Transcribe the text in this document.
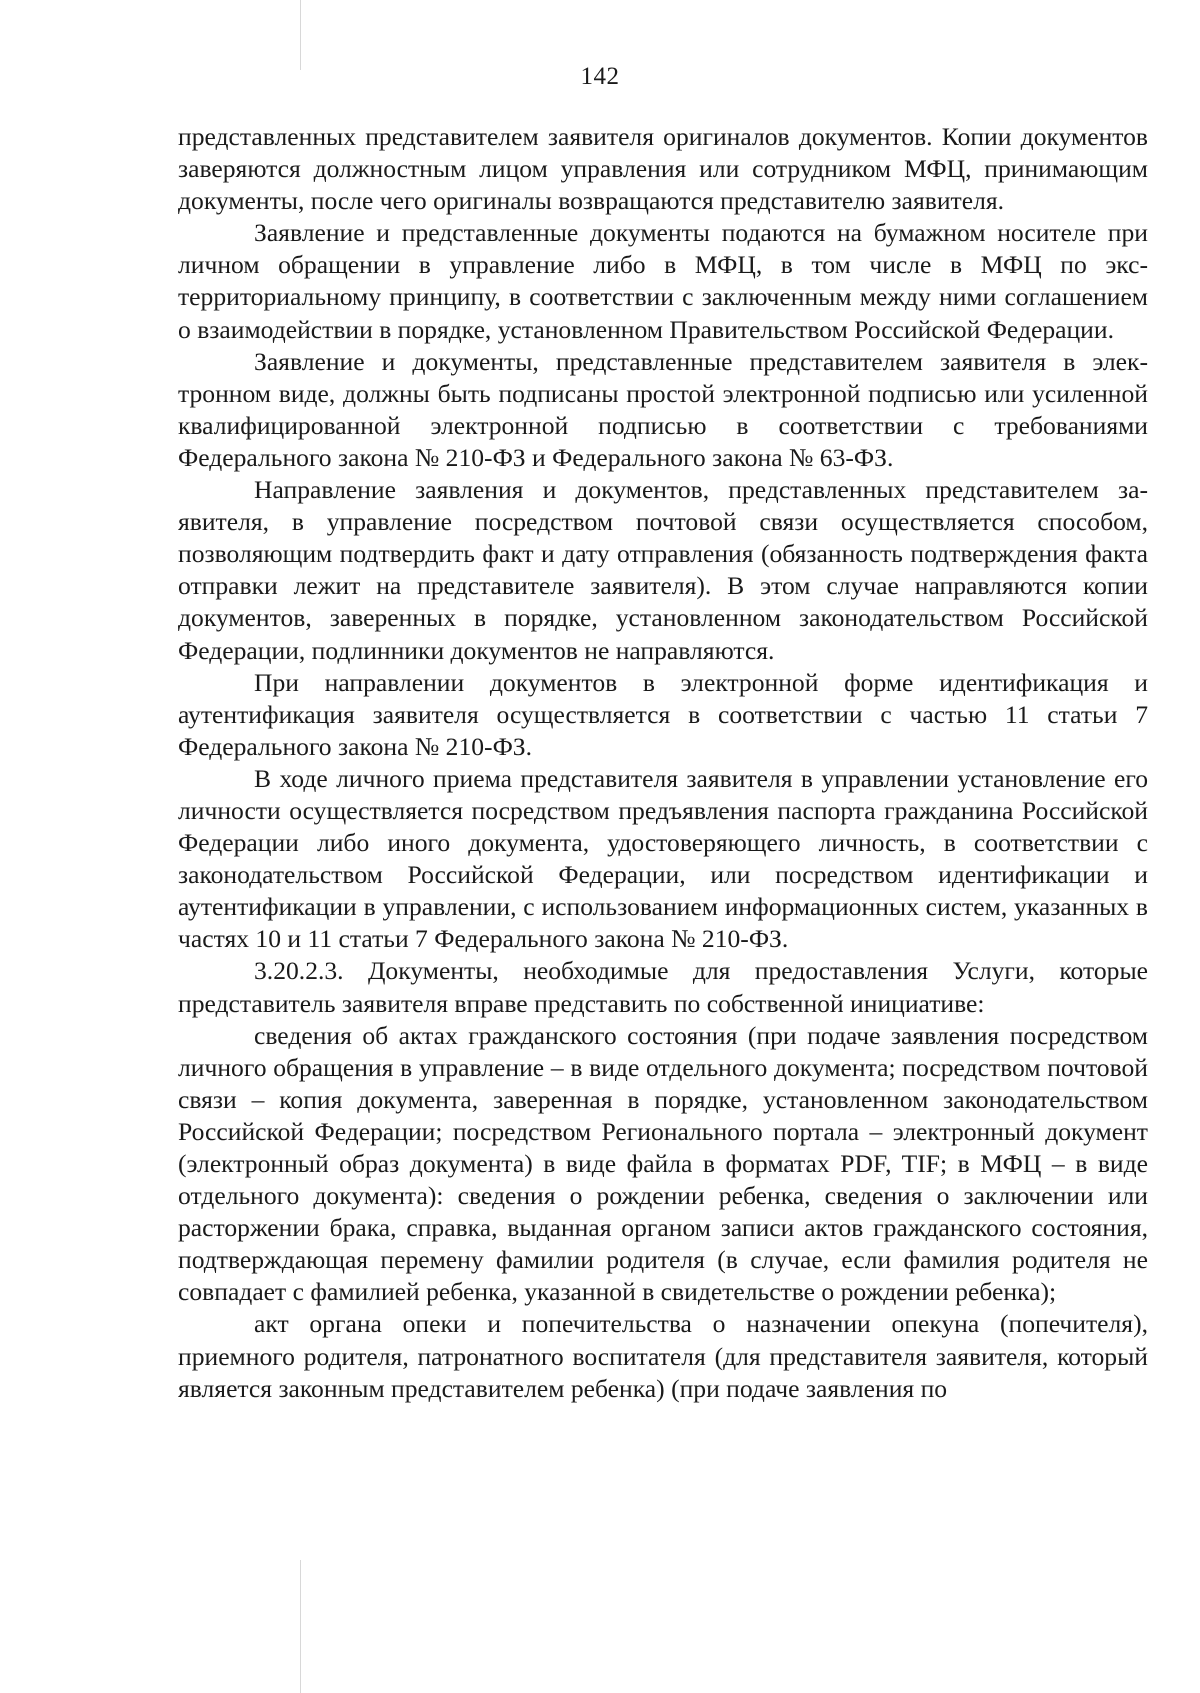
142

представленных представителем заявителя оригиналов документов. Копии документов заверяются должностным лицом управления или сотрудником МФЦ, принимающим документы, после чего оригиналы возвращаются представителю заявителя.

Заявление и представленные документы подаются на бумажном носителе при личном обращении в управление либо в МФЦ, в том числе в МФЦ по экстерриториальному принципу, в соответствии с заключенным между ними соглашением о взаимодействии в порядке, установленном Правительством Российской Федерации.

Заявление и документы, представленные представителем заявителя в электронном виде, должны быть подписаны простой электронной подписью или усиленной квалифицированной электронной подписью в соответствии с требованиями Федерального закона № 210-ФЗ и Федерального закона № 63-ФЗ.

Направление заявления и документов, представленных представителем заявителя, в управление посредством почтовой связи осуществляется способом, позволяющим подтвердить факт и дату отправления (обязанность подтверждения факта отправки лежит на представителе заявителя). В этом случае направляются копии документов, заверенных в порядке, установленном законодательством Российской Федерации, подлинники документов не направляются.

При направлении документов в электронной форме идентификация и аутентификация заявителя осуществляется в соответствии с частью 11 статьи 7 Федерального закона № 210-ФЗ.

В ходе личного приема представителя заявителя в управлении установление его личности осуществляется посредством предъявления паспорта гражданина Российской Федерации либо иного документа, удостоверяющего личность, в соответствии с законодательством Российской Федерации, или посредством идентификации и аутентификации в управлении, с использованием информационных систем, указанных в частях 10 и 11 статьи 7 Федерального закона № 210-ФЗ.

3.20.2.3. Документы, необходимые для предоставления Услуги, которые представитель заявителя вправе представить по собственной инициативе:

сведения об актах гражданского состояния (при подаче заявления посредством личного обращения в управление – в виде отдельного документа; посредством почтовой связи – копия документа, заверенная в порядке, установленном законодательством Российской Федерации; посредством Регионального портала – электронный документ (электронный образ документа) в виде файла в форматах PDF, TIF; в МФЦ – в виде отдельного документа): сведения о рождении ребенка, сведения о заключении или расторжении брака, справка, выданная органом записи актов гражданского состояния, подтверждающая перемену фамилии родителя (в случае, если фамилия родителя не совпадает с фамилией ребенка, указанной в свидетельстве о рождении ребенка);

акт органа опеки и попечительства о назначении опекуна (попечителя), приемного родителя, патронатного воспитателя (для представителя заявителя, который является законным представителем ребенка) (при подаче заявления по
